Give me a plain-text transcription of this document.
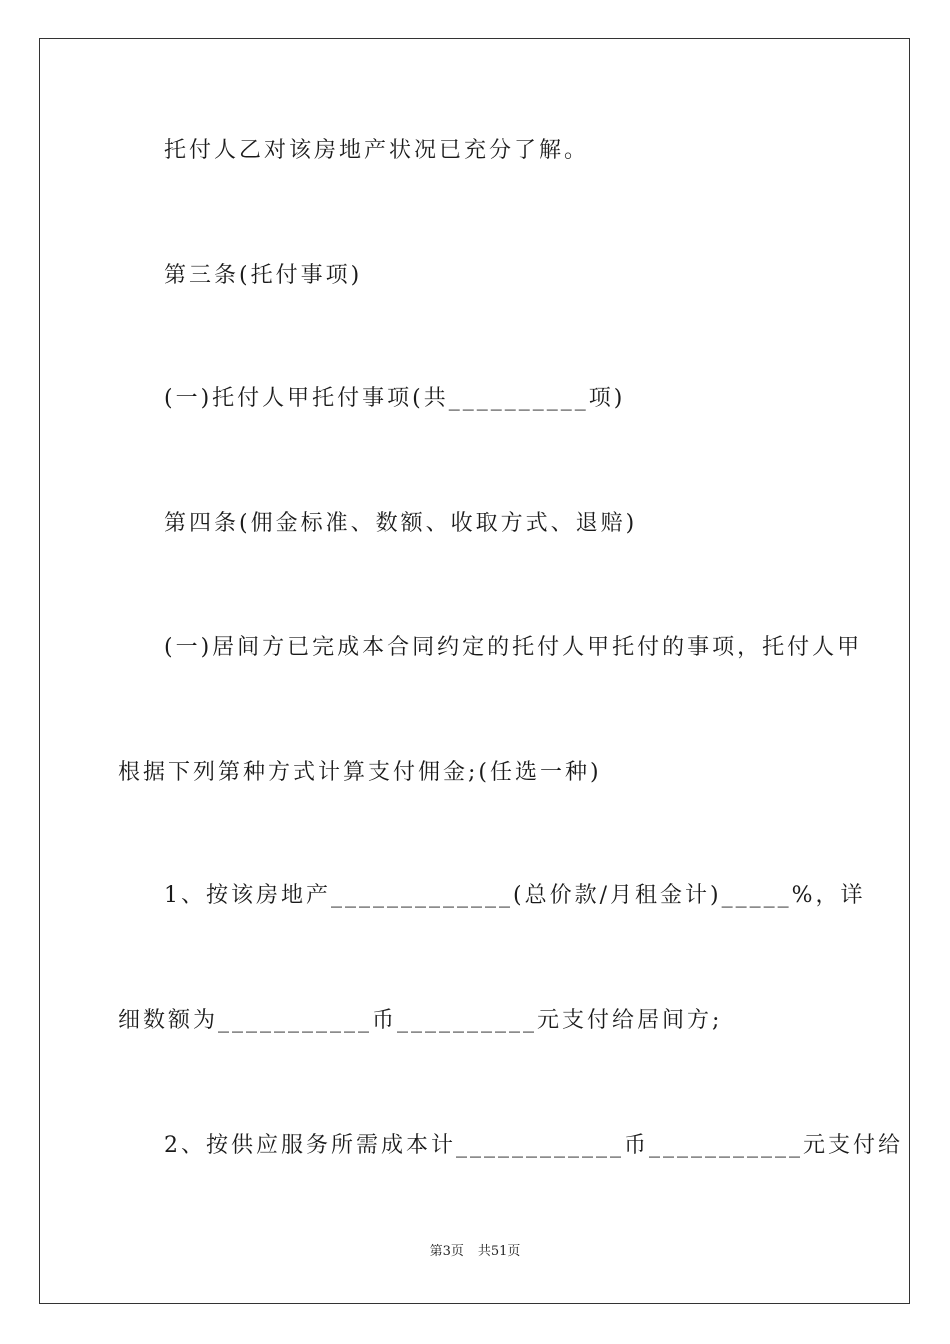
托付人乙对该房地产状况已充分了解。
第三条(托付事项)
(一)托付人甲托付事项(共__________项)
第四条(佣金标准、数额、收取方式、退赔)
(一)居间方已完成本合同约定的托付人甲托付的事项，托付人甲
根据下列第种方式计算支付佣金;(任选一种)
1、按该房地产_____________(总价款/月租金计)_____%，详
细数额为___________币__________元支付给居间方;
2、按供应服务所需成本计____________币___________元支付给
第3页 共51页
